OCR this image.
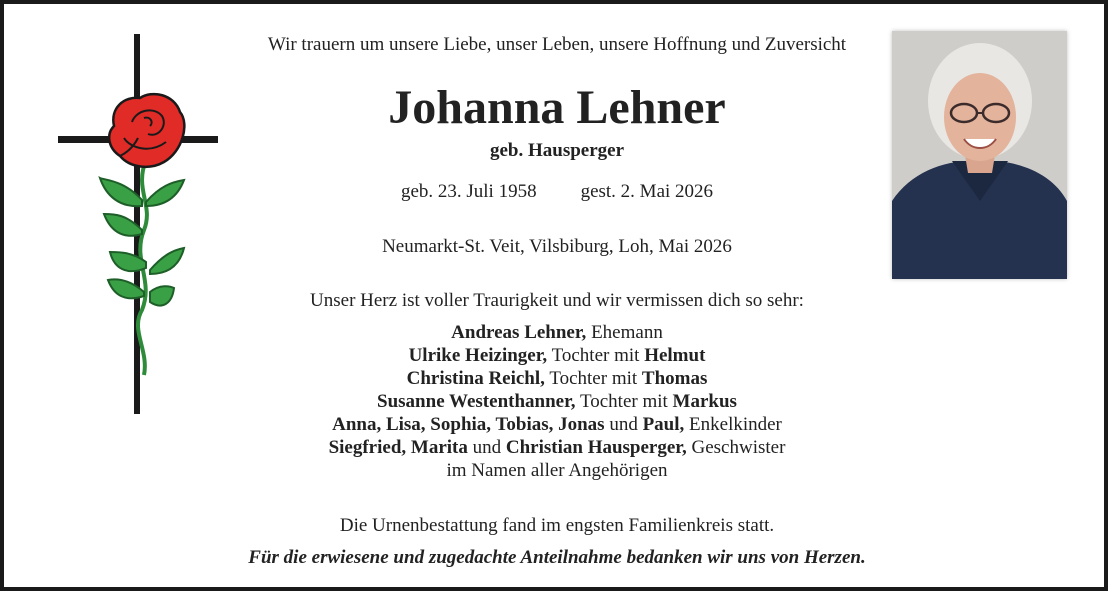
Wir trauern um unsere Liebe, unser Leben, unsere Hoffnung und Zuversicht
Johanna Lehner
geb. Hausperger
geb. 23. Juli 1958 gest. 2. Mai 2026
Neumarkt-St. Veit, Vilsbiburg, Loh, Mai 2026
Unser Herz ist voller Traurigkeit und wir vermissen dich so sehr:
Andreas Lehner, Ehemann
Ulrike Heizinger, Tochter mit Helmut
Christina Reichl, Tochter mit Thomas
Susanne Westenthanner, Tochter mit Markus
Anna, Lisa, Sophia, Tobias, Jonas und Paul, Enkelkinder
Siegfried, Marita und Christian Hausperger, Geschwister
im Namen aller Angehörigen
Die Urnenbestattung fand im engsten Familienkreis statt.
Für die erwiesene und zugedachte Anteilnahme bedanken wir uns von Herzen.
